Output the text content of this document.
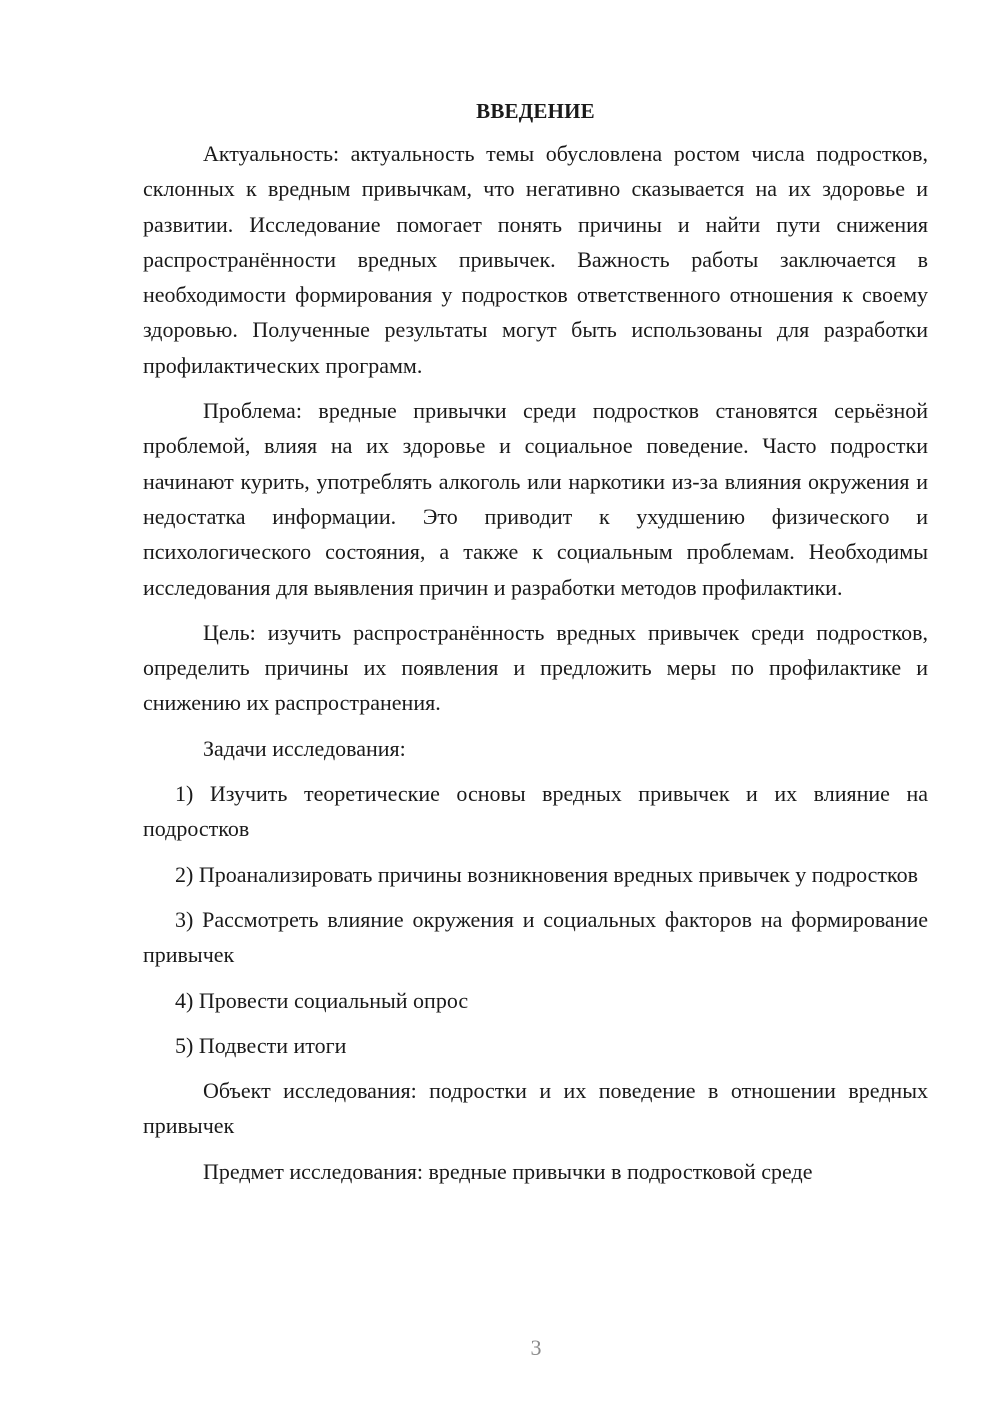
ВВЕДЕНИЕ

Актуальность: актуальность темы обусловлена ростом числа подростков, склонных к вредным привычкам, что негативно сказывается на их здоровье и развитии. Исследование помогает понять причины и найти пути снижения распространённости вредных привычек. Важность работы заключается в необходимости формирования у подростков ответственного отношения к своему здоровью. Полученные результаты могут быть использованы для разработки профилактических программ.

Проблема: вредные привычки среди подростков становятся серьёзной проблемой, влияя на их здоровье и социальное поведение. Часто подростки начинают курить, употреблять алкоголь или наркотики из-за влияния окружения и недостатка информации. Это приводит к ухудшению физического и психологического состояния, а также к социальным проблемам. Необходимы исследования для выявления причин и разработки методов профилактики.

Цель: изучить распространённость вредных привычек среди подростков, определить причины их появления и предложить меры по профилактике и снижению их распространения.

Задачи исследования:

1) Изучить теоретические основы вредных привычек и их влияние на подростков

2) Проанализировать причины возникновения вредных привычек у подростков

3) Рассмотреть влияние окружения и социальных факторов на формирование привычек

4) Провести социальный опрос

5) Подвести итоги

Объект исследования: подростки и их поведение в отношении вредных привычек

Предмет исследования: вредные привычки в подростковой среде

3
